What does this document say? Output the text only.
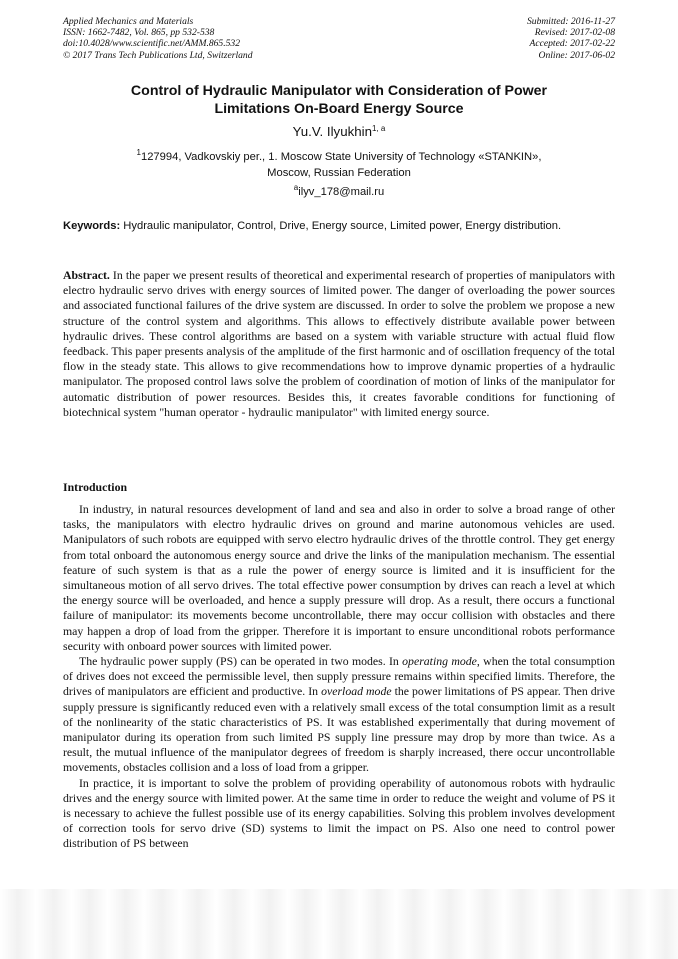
Applied Mechanics and Materials
ISSN: 1662-7482, Vol. 865, pp 532-538
doi:10.4028/www.scientific.net/AMM.865.532
© 2017 Trans Tech Publications Ltd, Switzerland
Submitted: 2016-11-27
Revised: 2017-02-08
Accepted: 2017-02-22
Online: 2017-06-02
Control of Hydraulic Manipulator with Consideration of Power
Limitations On-Board Energy Source
Yu.V. Ilyukhin$^{1, a}$
$^1$127994, Vadkovskiy per., 1. Moscow State University of Technology «STANKIN»,
Moscow, Russian Federation
$^a$ilyv_178@mail.ru
Keywords: Hydraulic manipulator, Control, Drive, Energy source, Limited power, Energy distribution.
Abstract. In the paper we present results of theoretical and experimental research of properties of manipulators with electro hydraulic servo drives with energy sources of limited power. The danger of overloading the power sources and associated functional failures of the drive system are discussed. In order to solve the problem we propose a new structure of the control system and algorithms. This allows to effectively distribute available power between hydraulic drives. These control algorithms are based on a system with variable structure with actual fluid flow feedback. This paper presents analysis of the amplitude of the first harmonic and of oscillation frequency of the total flow in the steady state. This allows to give recommendations how to improve dynamic properties of a hydraulic manipulator. The proposed control laws solve the problem of coordination of motion of links of the manipulator for automatic distribution of power resources. Besides this, it creates favorable conditions for functioning of biotechnical system "human operator - hydraulic manipulator" with limited energy source.
Introduction

In industry, in natural resources development of land and sea and also in order to solve a broad range of other tasks, the manipulators with electro hydraulic drives on ground and marine autonomous vehicles are used. Manipulators of such robots are equipped with servo electro hydraulic drives of the throttle control. They get energy from total onboard the autonomous energy source and drive the links of the manipulation mechanism. The essential feature of such system is that as a rule the power of energy source is limited and it is insufficient for the simultaneous motion of all servo drives. The total effective power consumption by drives can reach a level at which the energy source will be overloaded, and hence a supply pressure will drop. As a result, there occurs a functional failure of manipulator: its movements become uncontrollable, there may occur collision with obstacles and there may happen a drop of load from the gripper. Therefore it is important to ensure unconditional robots performance security with onboard power sources with limited power.

The hydraulic power supply (PS) can be operated in two modes. In operating mode, when the total consumption of drives does not exceed the permissible level, then supply pressure remains within specified limits. Therefore, the drives of manipulators are efficient and productive. In overload mode the power limitations of PS appear. Then drive supply pressure is significantly reduced even with a relatively small excess of the total consumption limit as a result of the nonlinearity of the static characteristics of PS. It was established experimentally that during movement of manipulator during its operation from such limited PS supply line pressure may drop by more than twice. As a result, the mutual influence of the manipulator degrees of freedom is sharply increased, there occur uncontrollable movements, obstacles collision and a loss of load from a gripper.

In practice, it is important to solve the problem of providing operability of autonomous robots with hydraulic drives and the energy source with limited power. At the same time in order to reduce the weight and volume of PS it is necessary to achieve the fullest possible use of its energy capabilities. Solving this problem involves development of correction tools for servo drive (SD) systems to limit the impact on PS. Also one need to control power distribution of PS between
